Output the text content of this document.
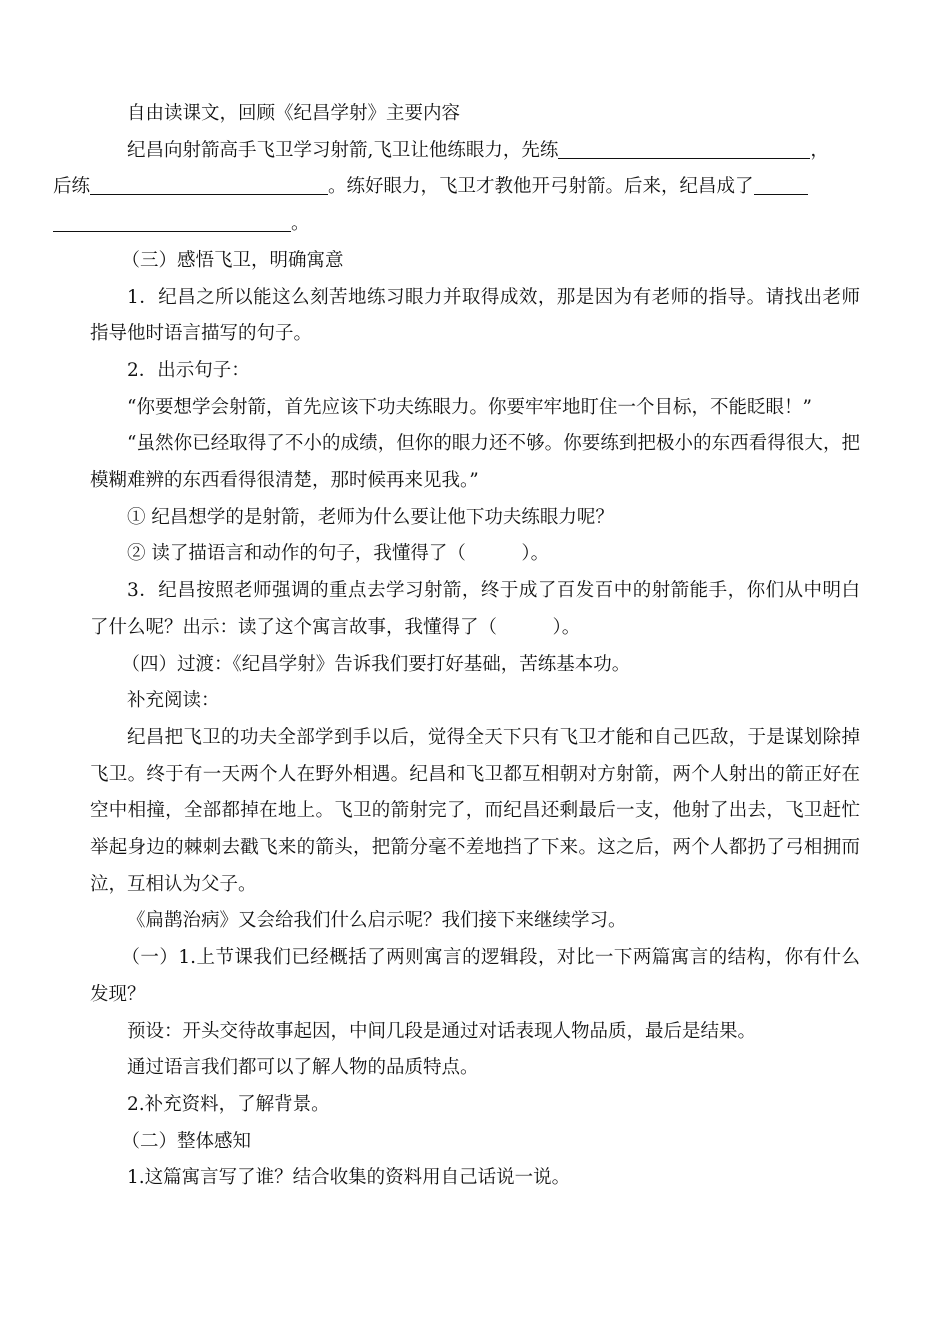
自由读课文，回顾《纪昌学射》主要内容

纪昌向射箭高手飞卫学习射箭,飞卫让他练眼力，先练	，
后练	。练好眼力，飞卫才教他开弓射箭。后来，纪昌成了
。

（三）感悟飞卫，明确寓意

1．纪昌之所以能这么刻苦地练习眼力并取得成效，那是因为有老师的指导。请找出老师指导他时语言描写的句子。

2．出示句子：

“你要想学会射箭，首先应该下功夫练眼力。你要牢牢地盯住一个目标，不能眨眼！”

“虽然你已经取得了不小的成绩，但你的眼力还不够。你要练到把极小的东西看得很大，把模糊难辨的东西看得很清楚，那时候再来见我。”

① 纪昌想学的是射箭，老师为什么要让他下功夫练眼力呢？

② 读了描语言和动作的句子，我懂得了（　　　）。

3．纪昌按照老师强调的重点去学习射箭，终于成了百发百中的射箭能手，你们从中明白了什么呢？出示：读了这个寓言故事，我懂得了（　　　）。

（四）过渡：《纪昌学射》告诉我们要打好基础，苦练基本功。

补充阅读：

纪昌把飞卫的功夫全部学到手以后，觉得全天下只有飞卫才能和自己匹敌，于是谋划除掉飞卫。终于有一天两个人在野外相遇。纪昌和飞卫都互相朝对方射箭，两个人射出的箭正好在空中相撞，全部都掉在地上。飞卫的箭射完了，而纪昌还剩最后一支，他射了出去，飞卫赶忙举起身边的棘刺去戳飞来的箭头，把箭分毫不差地挡了下来。这之后，两个人都扔了弓相拥而泣，互相认为父子。

《扁鹊治病》又会给我们什么启示呢？我们接下来继续学习。

（一）1.上节课我们已经概括了两则寓言的逻辑段，对比一下两篇寓言的结构，你有什么发现？

预设：开头交待故事起因，中间几段是通过对话表现人物品质，最后是结果。

通过语言我们都可以了解人物的品质特点。

2.补充资料，了解背景。

（二）整体感知

1.这篇寓言写了谁？结合收集的资料用自己话说一说。
